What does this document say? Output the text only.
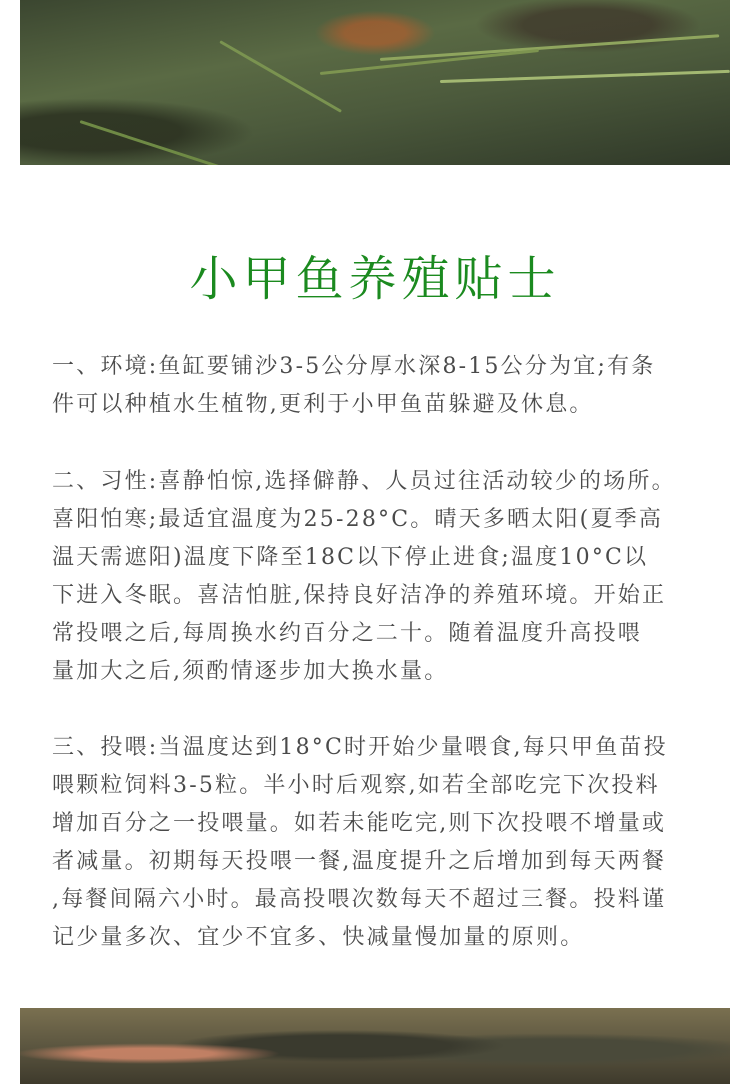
小甲鱼养殖贴士

一、环境:鱼缸要铺沙3-5公分厚水深8-15公分为宜;有条
件可以种植水生植物,更利于小甲鱼苗躲避及休息。

二、习性:喜静怕惊,选择僻静、人员过往活动较少的场所。
喜阳怕寒;最适宜温度为25-28°C。晴天多晒太阳(夏季高
温天需遮阳)温度下降至18C以下停止进食;温度10°C以
下进入冬眠。喜洁怕脏,保持良好洁净的养殖环境。开始正
常投喂之后,每周换水约百分之二十。随着温度升高投喂
量加大之后,须酌情逐步加大换水量。

三、投喂:当温度达到18°C时开始少量喂食,每只甲鱼苗投
喂颗粒饲料3-5粒。半小时后观察,如若全部吃完下次投料
增加百分之一投喂量。如若未能吃完,则下次投喂不增量或
者减量。初期每天投喂一餐,温度提升之后增加到每天两餐
,每餐间隔六小时。最高投喂次数每天不超过三餐。投料谨
记少量多次、宜少不宜多、快减量慢加量的原则。
